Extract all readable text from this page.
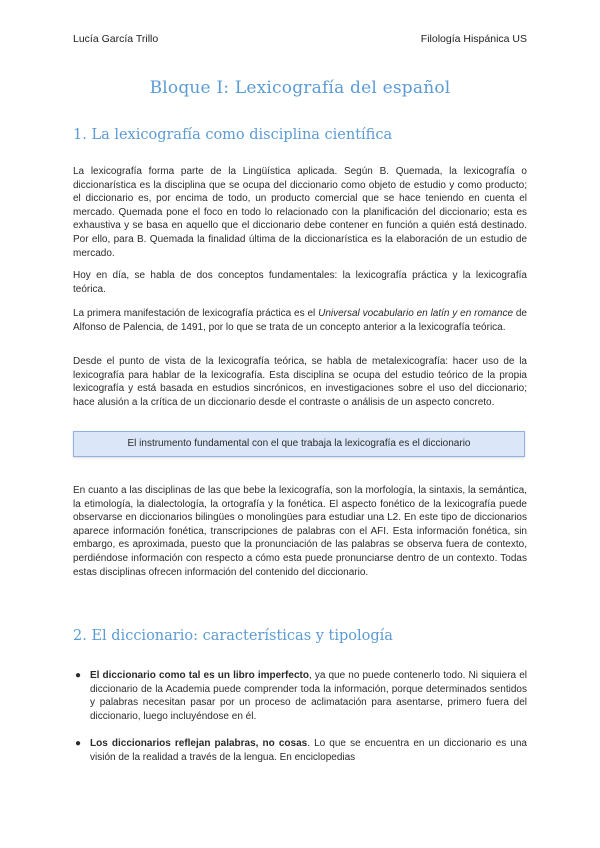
Lucía García Trillo	Filología Hispánica US
Bloque I: Lexicografía del español
1. La lexicografía como disciplina científica

La lexicografía forma parte de la Lingüística aplicada. Según B. Quemada, la lexicografía o diccionarística es la disciplina que se ocupa del diccionario como objeto de estudio y como producto; el diccionario es, por encima de todo, un producto comercial que se hace teniendo en cuenta el mercado. Quemada pone el foco en todo lo relacionado con la planificación del diccionario; esta es exhaustiva y se basa en aquello que el diccionario debe contener en función a quién está destinado. Por ello, para B. Quemada la finalidad última de la diccionarística es la elaboración de un estudio de mercado.

Hoy en día, se habla de dos conceptos fundamentales: la lexicografía práctica y la lexicografía teórica.

La primera manifestación de lexicografía práctica es el Universal vocabulario en latín y en romance de Alfonso de Palencia, de 1491, por lo que se trata de un concepto anterior a la lexicografía teórica.

Desde el punto de vista de la lexicografía teórica, se habla de metalexicografía: hacer uso de la lexicografía para hablar de la lexicografía. Esta disciplina se ocupa del estudio teórico de la propia lexicografía y está basada en estudios sincrónicos, en investigaciones sobre el uso del diccionario; hace alusión a la crítica de un diccionario desde el contraste o análisis de un aspecto concreto.

El instrumento fundamental con el que trabaja la lexicografía es el diccionario

En cuanto a las disciplinas de las que bebe la lexicografía, son la morfología, la sintaxis, la semántica, la etimología, la dialectología, la ortografía y la fonética. El aspecto fonético de la lexicografía puede observarse en diccionarios bilingües o monolingües para estudiar una L2. En este tipo de diccionarios aparece información fonética, transcripciones de palabras con el AFI. Esta información fonética, sin embargo, es aproximada, puesto que la pronunciación de las palabras se observa fuera de contexto, perdiéndose información con respecto a cómo esta puede pronunciarse dentro de un contexto. Todas estas disciplinas ofrecen información del contenido del diccionario.

2. El diccionario: características y tipología
● El diccionario como tal es un libro imperfecto, ya que no puede contenerlo todo. Ni siquiera el diccionario de la Academia puede comprender toda la información, porque determinados sentidos y palabras necesitan pasar por un proceso de aclimatación para asentarse, primero fuera del diccionario, luego incluyéndose en él.
● Los diccionarios reflejan palabras, no cosas. Lo que se encuentra en un diccionario es una visión de la realidad a través de la lengua. En enciclopedias
